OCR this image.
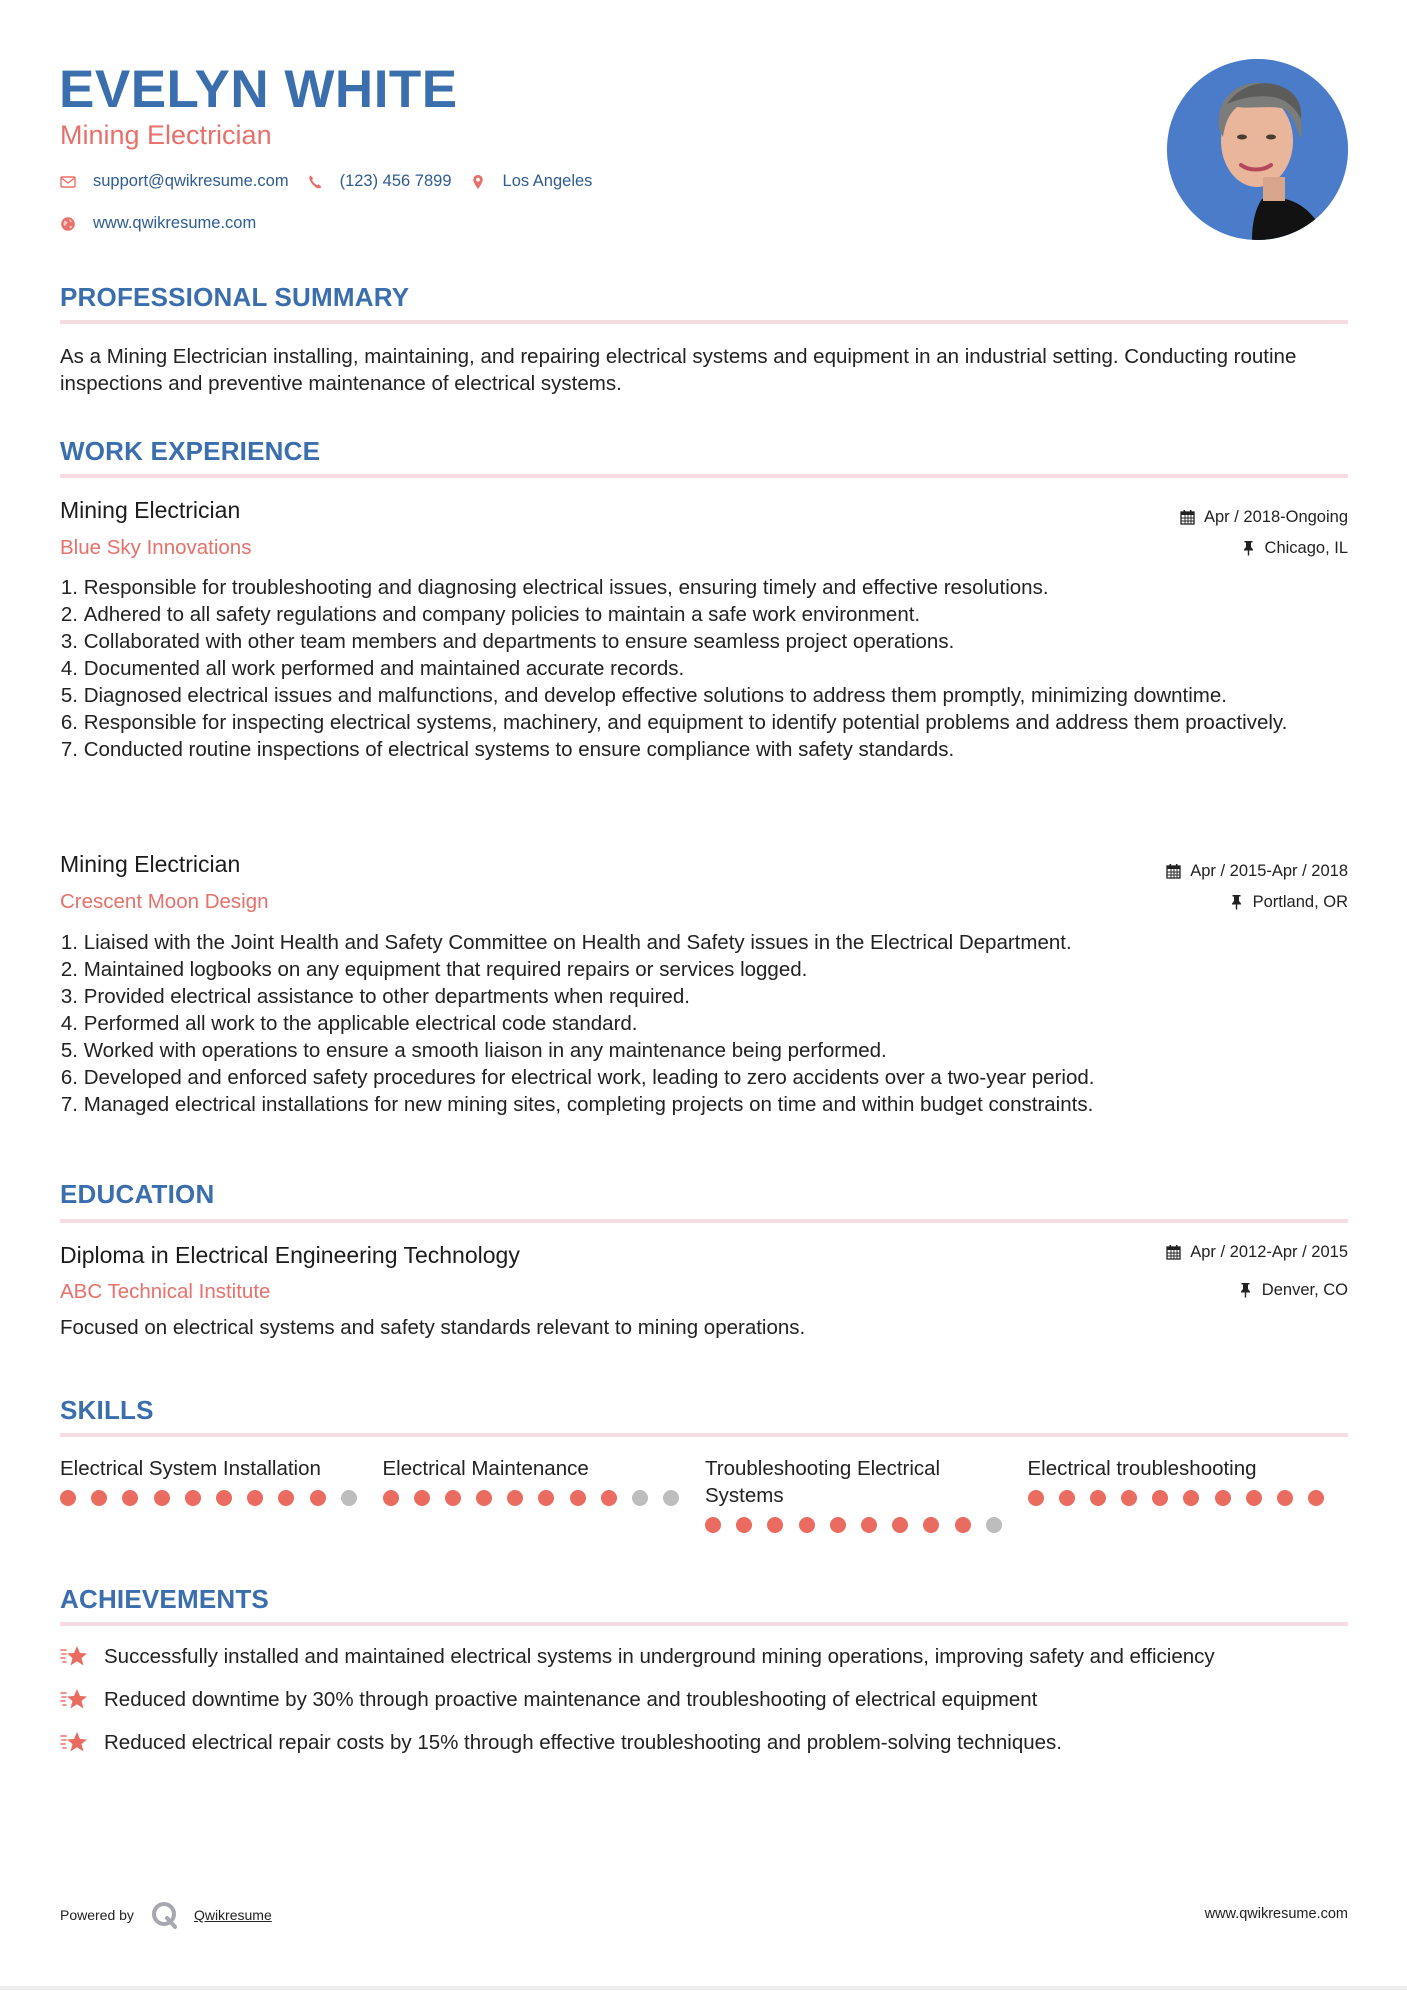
EVELYN WHITE
Mining Electrician
support@qwikresume.com	(123) 456 7899	Los Angeles
www.qwikresume.com
PROFESSIONAL SUMMARY
As a Mining Electrician installing, maintaining, and repairing electrical systems and equipment in an industrial setting. Conducting routine inspections and preventive maintenance of electrical systems.
WORK EXPERIENCE
Mining Electrician
Blue Sky Innovations
Apr / 2018-Ongoing
Chicago, IL
1.
Responsible for troubleshooting and diagnosing electrical issues, ensuring timely and effective resolutions.
2.
Adhered to all safety regulations and company policies to maintain a safe work environment.
3.
Collaborated with other team members and departments to ensure seamless project operations.
4.
Documented all work performed and maintained accurate records.
5.
Diagnosed electrical issues and malfunctions, and develop effective solutions to address them promptly, minimizing downtime.
6.
Responsible for inspecting electrical systems, machinery, and equipment to identify potential problems and address them proactively.
7.
Conducted routine inspections of electrical systems to ensure compliance with safety standards.
Mining Electrician
Crescent Moon Design
Apr / 2015-Apr / 2018
Portland, OR
1.
Liaised with the Joint Health and Safety Committee on Health and Safety issues in the Electrical Department.
2.
Maintained logbooks on any equipment that required repairs or services logged.
3.
Provided electrical assistance to other departments when required.
4.
Performed all work to the applicable electrical code standard.
5.
Worked with operations to ensure a smooth liaison in any maintenance being performed.
6.
Developed and enforced safety procedures for electrical work, leading to zero accidents over a two-year period.
7.
Managed electrical installations for new mining sites, completing projects on time and within budget constraints.
EDUCATION
Diploma in Electrical Engineering Technology
ABC Technical Institute
Apr / 2012-Apr / 2015
Denver, CO
Focused on electrical systems and safety standards relevant to mining operations.
SKILLS
Electrical System Installation	Electrical Maintenance	Troubleshooting Electrical Systems
Electrical troubleshooting
ACHIEVEMENTS
Successfully installed and maintained electrical systems in underground mining operations, improving safety and efficiency
Reduced downtime by 30% through proactive maintenance and troubleshooting of electrical equipment
Reduced electrical repair costs by 15% through effective troubleshooting and problem-solving techniques.
Powered by	Qwikresume	www.qwikresume.com
